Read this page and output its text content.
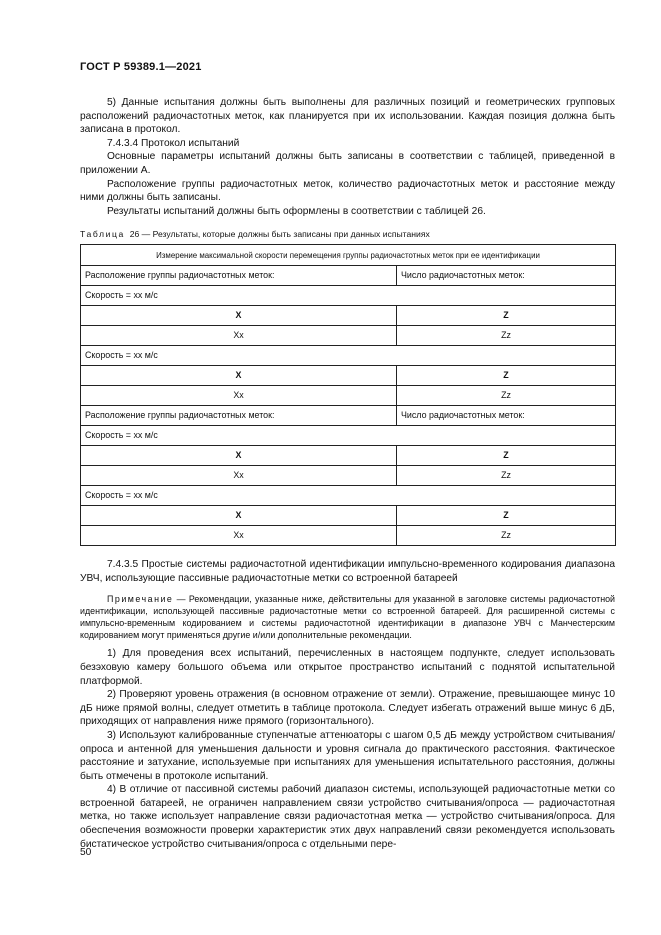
ГОСТ Р 59389.1—2021

5) Данные испытания должны быть выполнены для различных позиций и геометрических групповых расположений радиочастотных меток, как планируется при их использовании. Каждая позиция должна быть записана в протокол.

7.4.3.4 Протокол испытаний

Основные параметры испытаний должны быть записаны в соответствии с таблицей, приведенной в приложении А.

Расположение группы радиочастотных меток, количество радиочастотных меток и расстояние между ними должны быть записаны.

Результаты испытаний должны быть оформлены в соответствии с таблицей 26.

Таблица 26 — Результаты, которые должны быть записаны при данных испытаниях

Измерение максимальной скорости перемещения группы радиочастотных меток при ее идентификации	
Расположение группы радиочастотных меток:	Число радиочастотных меток:
Скорость = хх м/с	
X	Z
Xx	Zz
Скорость = хх м/с	
X	Z
Xx	Zz
Расположение группы радиочастотных меток:	Число радиочастотных меток:
Скорость = хх м/с	
X	Z
Xx	Zz
Скорость = хх м/с	
X	Z
Xx	Zz

7.4.3.5 Простые системы радиочастотной идентификации импульсно-временного кодирования диапазона УВЧ, использующие пассивные радиочастотные метки со встроенной батареей

Примечание — Рекомендации, указанные ниже, действительны для указанной в заголовке системы радиочастотной идентификации, использующей пассивные радиочастотные метки со встроенной батареей. Для расширенной системы с импульсно-временным кодированием и системы радиочастотной идентификации в диапазоне УВЧ с Манчестерским кодированием могут применяться другие и/или дополнительные рекомендации.

1) Для проведения всех испытаний, перечисленных в настоящем подпункте, следует использовать безэховую камеру большого объема или открытое пространство испытаний с поднятой испытательной платформой.

2) Проверяют уровень отражения (в основном отражение от земли). Отражение, превышающее минус 10 дБ ниже прямой волны, следует отметить в таблице протокола. Следует избегать отражений выше минус 6 дБ, приходящих от направления ниже прямого (горизонтального).

3) Используют калиброванные ступенчатые аттенюаторы с шагом 0,5 дБ между устройством считывания/опроса и антенной для уменьшения дальности и уровня сигнала до практического расстояния. Фактическое расстояние и затухание, используемые при испытаниях для уменьшения испытательного расстояния, должны быть отмечены в протоколе испытаний.

4) В отличие от пассивной системы рабочий диапазон системы, использующей радиочастотные метки со встроенной батареей, не ограничен направлением связи устройство считывания/опроса — радиочастотная метка, но также использует направление связи радиочастотная метка — устройство считывания/опроса. Для обеспечения возможности проверки характеристик этих двух направлений связи рекомендуется использовать бистатическое устройство считывания/опроса с отдельными пере-

50
